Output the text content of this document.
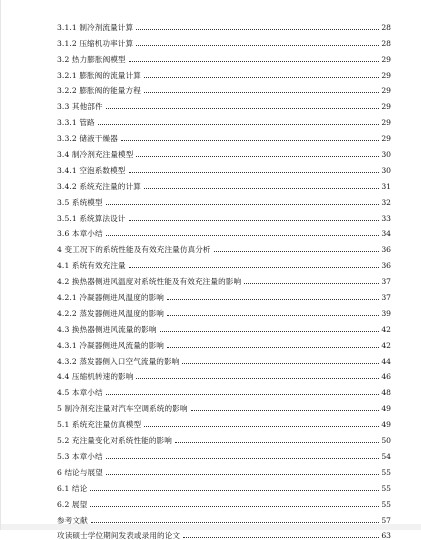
3.1.1 制冷剂流量计算	28
3.1.2 压缩机功率计算	28
3.2 热力膨胀阀模型	29
3.2.1 膨胀阀的流量计算	29
3.2.2 膨胀阀的能量方程	29
3.3 其他部件	29
3.3.1 管路	29
3.3.2 储液干燥器	29
3.4 制冷剂充注量模型	30
3.4.1 空泡系数模型	30
3.4.2 系统充注量的计算	31
3.5 系统模型	32
3.5.1 系统算法设计	33
3.6 本章小结	34
4 变工况下的系统性能及有效充注量仿真分析	36
4.1 系统有效充注量	36
4.2 换热器侧进风温度对系统性能及有效充注量的影响	37
4.2.1 冷凝器侧进风温度的影响	37
4.2.2 蒸发器侧进风温度的影响	39
4.3 换热器侧进风流量的影响	42
4.3.1 冷凝器侧进风流量的影响	42
4.3.2 蒸发器侧入口空气流量的影响	44
4.4 压缩机转速的影响	46
4.5 本章小结	48
5 制冷剂充注量对汽车空调系统的影响	49
5.1 系统充注量仿真模型	49
5.2 充注量变化对系统性能的影响	50
5.3 本章小结	54
6 结论与展望	55
6.1 结论	55
6.2 展望	55
参考文献	57
攻读硕士学位期间发表或录用的论文	63
